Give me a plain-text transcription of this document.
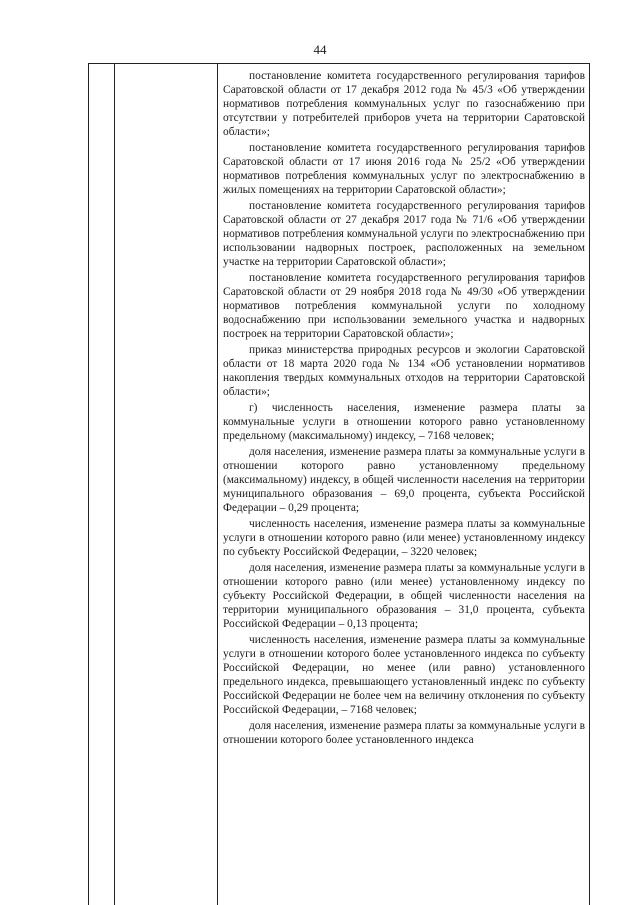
44

постановление комитета государственного регулирования тарифов Саратовской области от 17 декабря 2012 года № 45/3 «Об утверждении нормативов потребления коммунальных услуг по газоснабжению при отсутствии у потребителей приборов учета на территории Саратовской области»;

постановление комитета государственного регулирования тарифов Саратовской области от 17 июня 2016 года № 25/2 «Об утверждении нормативов потребления коммунальных услуг по электроснабжению в жилых помещениях на территории Саратовской области»;

постановление комитета государственного регулирования тарифов Саратовской области от 27 декабря 2017 года № 71/6 «Об утверждении нормативов потребления коммунальной услуги по электроснабжению при использовании надворных построек, расположенных на земельном участке на территории Саратовской области»;

постановление комитета государственного регулирования тарифов Саратовской области от 29 ноября 2018 года № 49/30 «Об утверждении нормативов потребления коммунальной услуги по холодному водоснабжению при использовании земельного участка и надворных построек на территории Саратовской области»;

приказ министерства природных ресурсов и экологии Саратовской области от 18 марта 2020 года № 134 «Об установлении нормативов накопления твердых коммунальных отходов на территории Саратовской области»;

г) численность населения, изменение размера платы за коммунальные услуги в отношении которого равно установленному предельному (максимальному) индексу, – 7168 человек;

доля населения, изменение размера платы за коммунальные услуги в отношении которого равно установленному предельному (максимальному) индексу, в общей численности населения на территории муниципального образования – 69,0 процента, субъекта Российской Федерации – 0,29 процента;

численность населения, изменение размера платы за коммунальные услуги в отношении которого равно (или менее) установленному индексу по субъекту Российской Федерации, – 3220 человек;

доля населения, изменение размера платы за коммунальные услуги в отношении которого равно (или менее) установленному индексу по субъекту Российской Федерации, в общей численности населения на территории муниципального образования – 31,0 процента, субъекта Российской Федерации – 0,13 процента;

численность населения, изменение размера платы за коммунальные услуги в отношении которого более установленного индекса по субъекту Российской Федерации, но менее (или равно) установленного предельного индекса, превышающего установленный индекс по субъекту Российской Федерации не более чем на величину отклонения по субъекту Российской Федерации, – 7168 человек;

доля населения, изменение размера платы за коммунальные услуги в отношении которого более установленного индекса
